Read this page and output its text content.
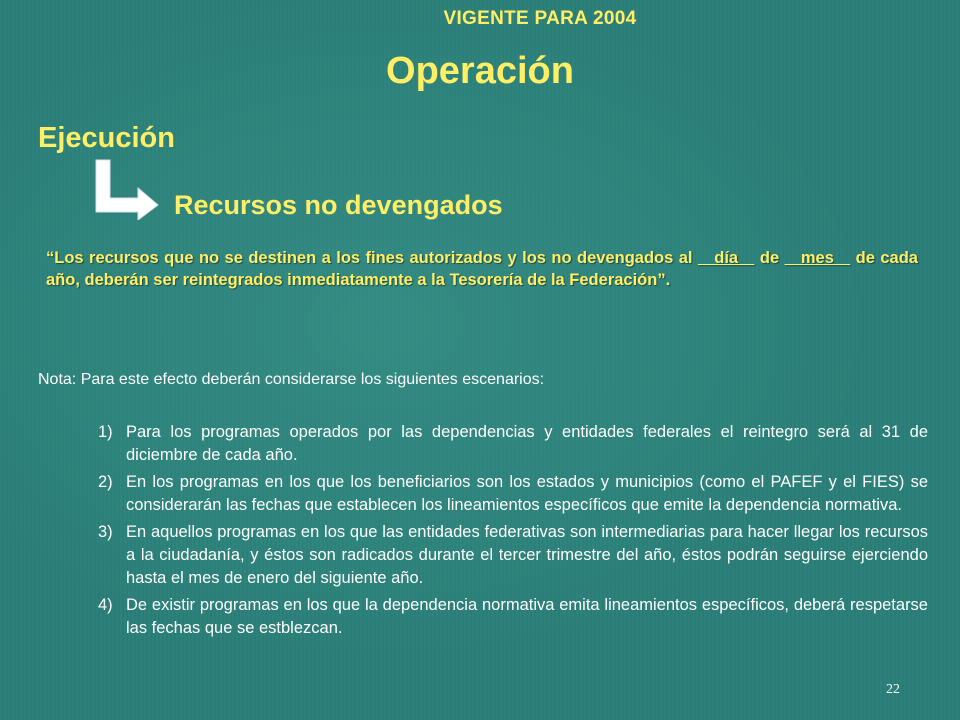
VIGENTE PARA 2004
Operación
Ejecución
Recursos no devengados
“Los recursos que no se destinen a los fines autorizados y los no devengados al    día    de    mes    de cada año, deberán ser reintegrados inmediatamente a la Tesorería de la Federación”.
Nota: Para este efecto deberán considerarse los siguientes escenarios:
1) Para los programas operados por las dependencias y entidades federales el reintegro será al 31 de diciembre de cada año.
2) En los programas en los que los beneficiarios son los estados y municipios (como el PAFEF y el FIES) se considerarán las fechas que establecen los lineamientos específicos que emite la dependencia normativa.
3) En aquellos programas en los que las entidades federativas son intermediarias para hacer llegar los recursos a la ciudadanía, y éstos son radicados durante el tercer trimestre del año, éstos podrán seguirse ejerciendo hasta el mes de enero del siguiente año.
4) De existir programas en los que la dependencia normativa emita lineamientos específicos, deberá respetarse las fechas que se estblezcan.
22
